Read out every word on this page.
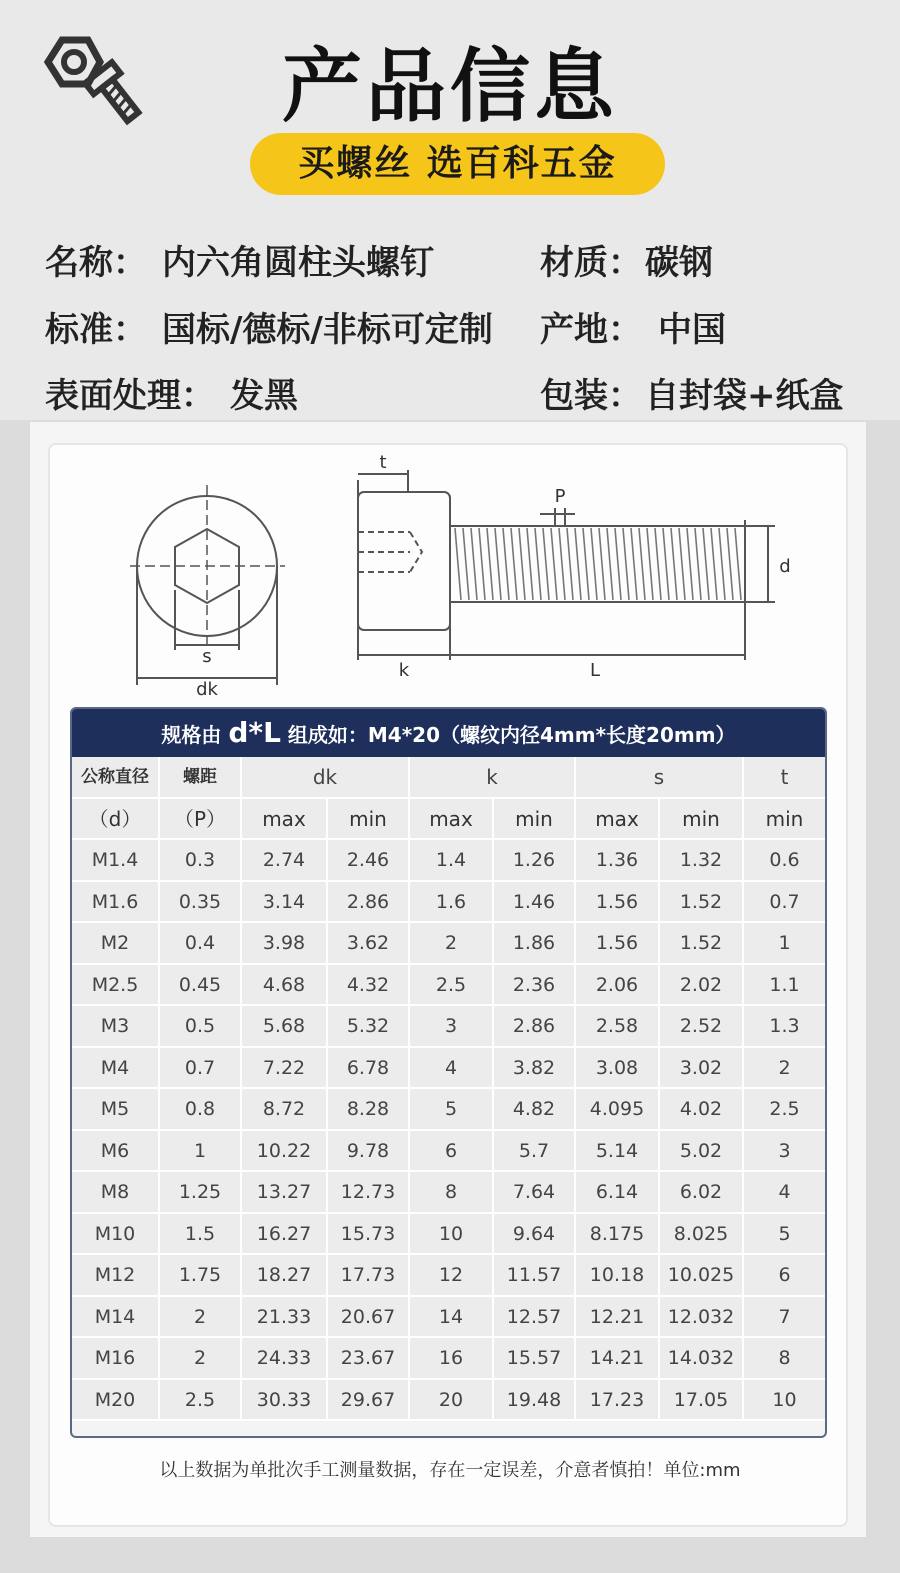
产品信息
买螺丝 选百科五金
名称： 内六角圆柱头螺钉	材质： 碳钢
标准： 国标/德标/非标可定制 产地： 中国
表面处理： 发黑	包装： 自封袋+纸盒
s
dk
t
P
d
k	L
规格由 d*L 组成如：M4*20（螺纹内径4mm*长度20mm）
公称直径	螺距	dk	k	s	t
（d）	（P）	max	min	max	min	max	min	min
M1.4	0.3	2.74	2.46	1.4	1.26	1.36	1.32	0.6
M1.6	0.35	3.14	2.86	1.6	1.46	1.56	1.52	0.7
M2	0.4	3.98	3.62	2	1.86	1.56	1.52	1
M2.5	0.45	4.68	4.32	2.5	2.36	2.06	2.02	1.1
M3	0.5	5.68	5.32	3	2.86	2.58	2.52	1.3
M4	0.7	7.22	6.78	4	3.82	3.08	3.02	2
M5	0.8	8.72	8.28	5	4.82	4.095	4.02	2.5
M6	1	10.22	9.78	6	5.7	5.14	5.02	3
M8	1.25	13.27	12.73	8	7.64	6.14	6.02	4
M10	1.5	16.27	15.73	10	9.64	8.175	8.025	5
M12	1.75	18.27	17.73	12	11.57	10.18	10.025	6
M14	2	21.33	20.67	14	12.57	12.21	12.032	7
M16	2	24.33	23.67	16	15.57	14.21	14.032	8
M20	2.5	30.33	29.67	20	19.48	17.23	17.05	10
以上数据为单批次手工测量数据，存在一定误差，介意者慎拍！单位:mm
